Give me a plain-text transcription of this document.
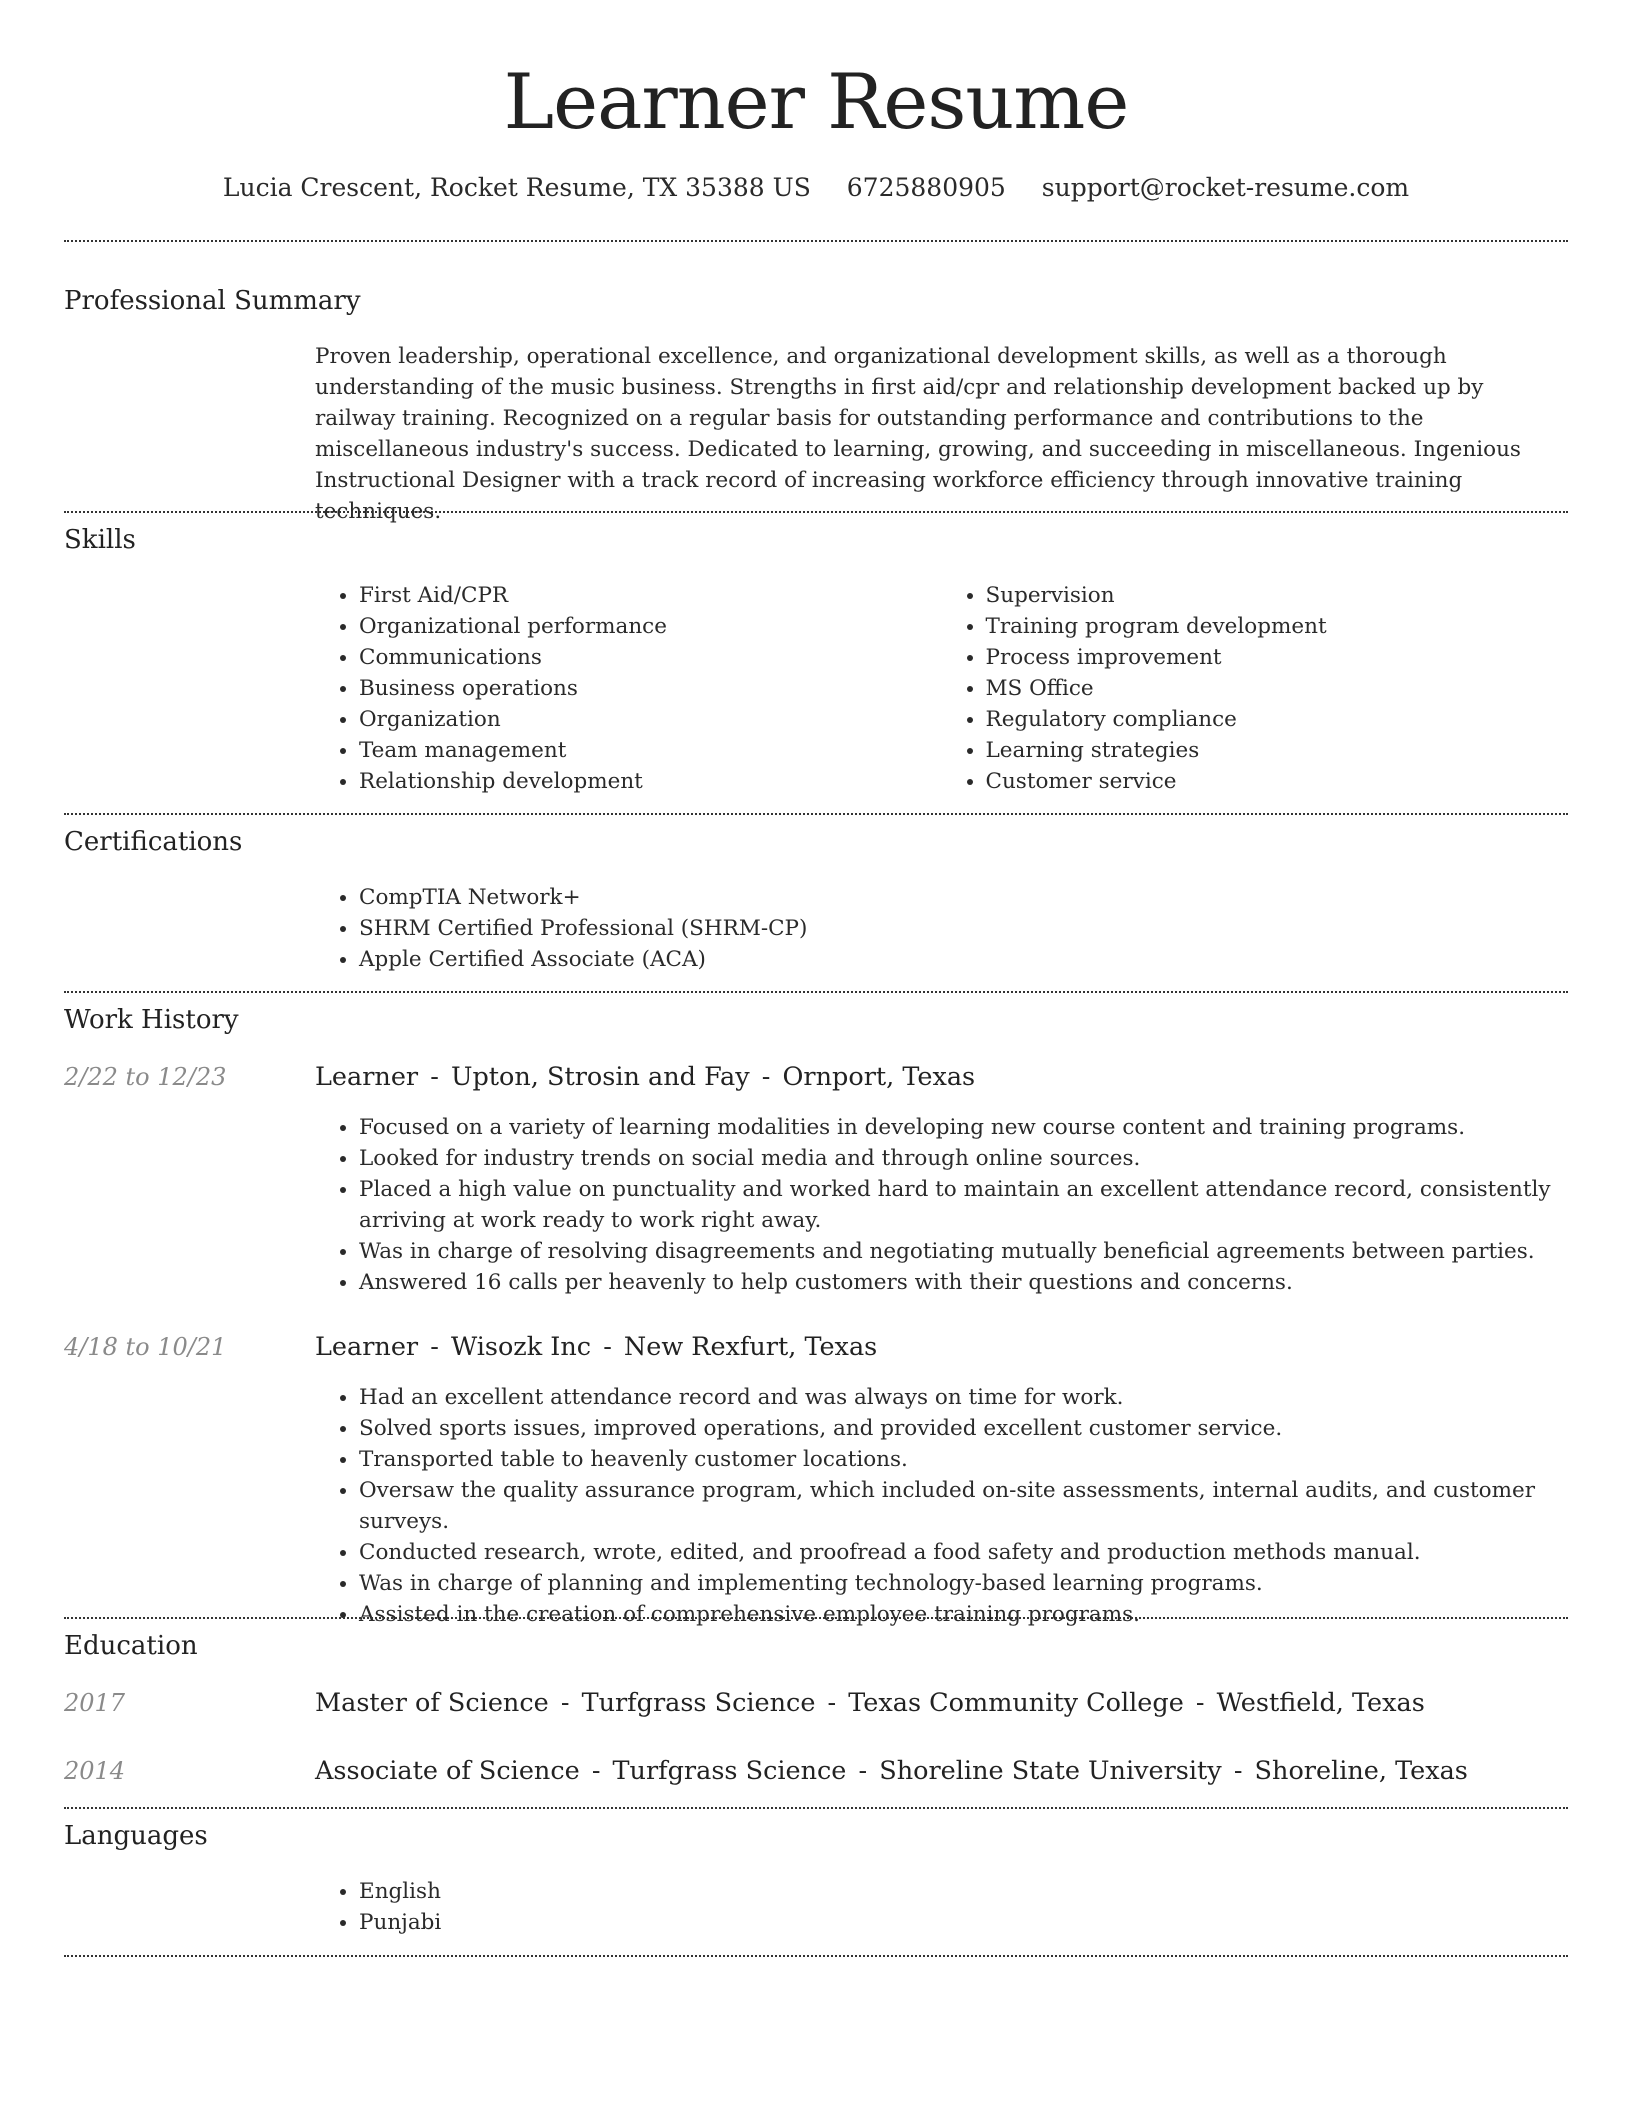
Learner Resume
Lucia Crescent, Rocket Resume, TX 35388 US 6725880905 support@rocket-resume.com
Professional Summary
Proven leadership, operational excellence, and organizational development skills, as well as a thorough understanding of the music business. Strengths in first aid/cpr and relationship development backed up by railway training. Recognized on a regular basis for outstanding performance and contributions to the miscellaneous industry's success. Dedicated to learning, growing, and succeeding in miscellaneous. Ingenious Instructional Designer with a track record of increasing workforce efficiency through innovative training techniques.
Skills
• First Aid/CPR
• Organizational performance
• Communications
• Business operations
• Organization
• Team management
• Relationship development
• Supervision
• Training program development
• Process improvement
• MS Office
• Regulatory compliance
• Learning strategies
• Customer service
Certifications
• CompTIA Network+
• SHRM Certified Professional (SHRM-CP)
• Apple Certified Associate (ACA)
Work History
2/22 to 12/23	Learner - Upton, Strosin and Fay - Ornport, Texas
• Focused on a variety of learning modalities in developing new course content and training programs.
• Looked for industry trends on social media and through online sources.
• Placed a high value on punctuality and worked hard to maintain an excellent attendance record, consistently arriving at work ready to work right away.
• Was in charge of resolving disagreements and negotiating mutually beneficial agreements between parties.
• Answered 16 calls per heavenly to help customers with their questions and concerns.
4/18 to 10/21	Learner - Wisozk Inc - New Rexfurt, Texas
• Had an excellent attendance record and was always on time for work.
• Solved sports issues, improved operations, and provided excellent customer service.
• Transported table to heavenly customer locations.
• Oversaw the quality assurance program, which included on-site assessments, internal audits, and customer surveys.
• Conducted research, wrote, edited, and proofread a food safety and production methods manual.
• Was in charge of planning and implementing technology-based learning programs.
• Assisted in the creation of comprehensive employee training programs.
Education
2017	Master of Science - Turfgrass Science - Texas Community College - Westfield, Texas
2014	Associate of Science - Turfgrass Science - Shoreline State University - Shoreline, Texas
Languages
• English
• Punjabi
